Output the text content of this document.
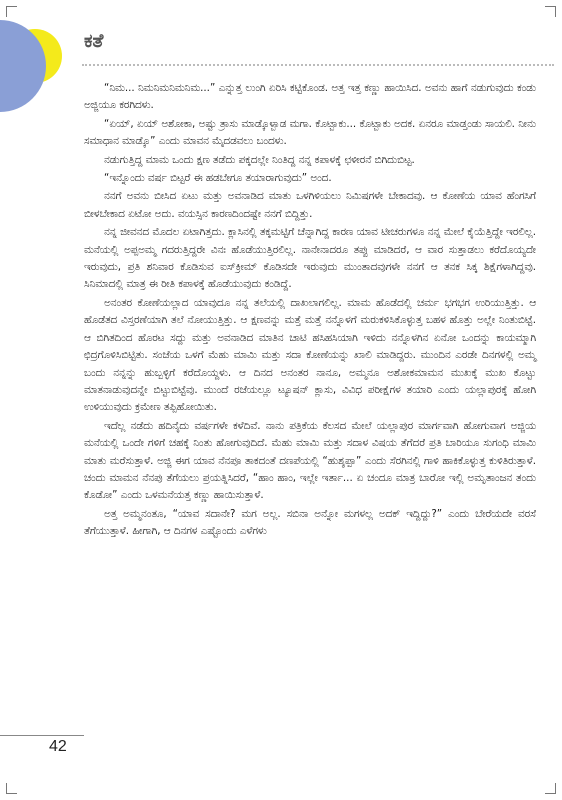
ಕತೆ

“ನಿಮ... ನಿಮನಿಮನಿಮನಿಮ...” ಎನ್ನುತ್ತ ಲುಂಗಿ ಏರಿಸಿ ಕಟ್ಟಿಕೊಂಡ. ಅತ್ತ ಇತ್ತ ಕಣ್ಣು ಹಾಯಿಸಿದ. ಅವನು ಹಾಗೆ ನಡುಗುವುದು ಕಂಡು ಅಜ್ಜಿಯೂ ಕರಗಿದಳು.

“ಏಯ್, ಏಯ್ ಅಶೋಕಾ, ಅಷ್ಟು ತ್ರಾಸು ಮಾಡ್ಕೊಳ್ಬಾಡ ಮಗಾ. ಕೊಟ್ಬಾಕು... ಕೊಟ್ಬಾಕು ಅದಕ. ಏನರೂ ಮಾಡ್ತಂಡು ಸಾಯಲಿ. ನೀನು ಸಮಾಧಾನ ಮಾಡ್ಕೊ” ಎಂದು ಮಾವನ ಮೈದಡವಲು ಬಂದಳು.

ನಡುಗುತ್ತಿದ್ದ ಮಾಮ ಒಂದು ಕ್ಷಣ ತಡೆದು ಪಕ್ಕದಲ್ಲೇ ನಿಂತಿದ್ದ ನನ್ನ ಕಪಾಳಕ್ಕೆ ಛಳೀರನೆ ಬಿಗಿದುಬಿಟ್ಟ.

“ಇನ್ನೊಂದು ವರ್ಷ ಬಿಟ್ಟರೆ ಈ ಹಡಬೇಗೂ ತಯಾರಾಗುವುದು” ಅಂದ.

ನನಗೆ ಅವನು ಬೀಸಿದ ಏಟು ಮತ್ತು ಅವನಾಡಿದ ಮಾತು ಒಳಗಿಳಿಯಲು ನಿಮಿಷಗಳೇ ಬೇಕಾದವು. ಆ ಕೋಣೆಯ ಯಾವ ಹೆಂಗಸಿಗೆ ಬೀಳಬೇಕಾದ ಏಟೋ ಅದು. ವಯಸ್ಸಿನ ಕಾರಣದಿಂದಷ್ಟೇ ನನಗೆ ಬಿದ್ದಿತ್ತು.

ನನ್ನ ಜೀವನದ ಮೊದಲ ಏಟಾಗಿತ್ತದು. ಕ್ಲಾಸಿನಲ್ಲಿ ತಕ್ಕಮಟ್ಟಿಗೆ ಚೆನ್ನಾಗಿದ್ದ ಕಾರಣ ಯಾವ ಟೀಚರುಗಳೂ ನನ್ನ ಮೇಲೆ ಕೈಯೆತ್ತಿದ್ದೇ ಇರಲಿಲ್ಲ. ಮನೆಯಲ್ಲಿ ಅಪ್ಪಅಮ್ಮ ಗದರುತ್ತಿದ್ದರೇ ವಿನಃ ಹೊಡೆಯುತ್ತಿರಲಿಲ್ಲ. ನಾನೇನಾದರೂ ತಪ್ಪು ಮಾಡಿದರೆ, ಆ ವಾರ ಸುತ್ತಾಡಲು ಕರೆದೊಯ್ಯದೇ ಇರುವುದು, ಪ್ರತಿ ಶನಿವಾರ ಕೊಡಿಸುವ ಐಸ್‌ಕ್ರೀಮ್ ಕೊಡಿಸದೇ ಇರುವುದು ಮುಂತಾದವುಗಳೇ ನನಗೆ ಆ ತನಕ ಸಿಕ್ಕ ಶಿಕ್ಷೆಗಳಾಗಿದ್ದವು. ಸಿನಿಮಾದಲ್ಲಿ ಮಾತ್ರ ಈ ರೀತಿ ಕಪಾಳಕ್ಕೆ ಹೊಡೆಯುವುದು ಕಂಡಿದ್ದೆ.

ಅನಂತರ ಕೋಣೆಯಲ್ಲಾದ ಯಾವುದೂ ನನ್ನ ತಲೆಯಲ್ಲಿ ದಾಖಲಾಗಲಿಲ್ಲ. ಮಾಮ ಹೊಡೆದಲ್ಲಿ ಚರ್ಮ ಭಗಭಗ ಉರಿಯುತ್ತಿತ್ತು. ಆ ಹೊಡೆತದ ವಿಸ್ತರಣೆಯಾಗಿ ತಲೆ ನೋಯುತ್ತಿತ್ತು. ಆ ಕ್ಷಣವನ್ನು ಮತ್ತೆ ಮತ್ತೆ ನನ್ನೊಳಗೆ ಮರುಕಳಿಸಿಕೊಳ್ಳುತ್ತ ಬಹಳ ಹೊತ್ತು ಅಲ್ಲೇ ನಿಂತುಬಿಟ್ಟೆ. ಆ ಬಿಗಿತದಿಂದ ಹೊರಟ ಸದ್ದು ಮತ್ತು ಅವನಾಡಿದ ಮಾತಿನ ಚಾಟಿ ಹಸಿಹಸಿಯಾಗಿ ಇಳಿದು ನನ್ನೊಳಗಿನ ಏನೋ ಒಂದನ್ನು ಕಾಯಮ್ಮಾಗಿ ಛಿದ್ರಗೊಳಿಸಿಬಿಟ್ಟಿತು. ಸಂಜೆಯ ಒಳಗೆ ಮೆಹು ಮಾಮಿ ಮತ್ತು ಸದಾ ಕೋಣೆಯನ್ನು ಖಾಲಿ ಮಾಡಿದ್ದರು. ಮುಂದಿನ ಎರಡೇ ದಿನಗಳಲ್ಲಿ ಅಮ್ಮ ಬಂದು ನನ್ನನ್ನು ಹುಬ್ಬಳ್ಳಿಗೆ ಕರೆದೊಯ್ದಳು. ಆ ದಿನದ ಅನಂತರ ನಾನೂ, ಅಮ್ಮನೂ ಅಶೋಕಮಾಮನ ಮುಖಕ್ಕೆ ಮುಖ ಕೊಟ್ಟು ಮಾತನಾಡುವುದನ್ನೇ ಬಿಟ್ಟುಬಿಟ್ಟೆವು. ಮುಂದೆ ರಜೆಯಲ್ಲೂ ಟ್ಯೂಷನ್ ಕ್ಲಾಸು, ವಿವಿಧ ಪರೀಕ್ಷೆಗಳ ತಯಾರಿ ಎಂದು ಯಲ್ಲಾಪುರಕ್ಕೆ ಹೋಗಿ ಉಳಿಯುವುದು ಕ್ರಮೇಣ ತಪ್ಪಿಹೋಯಿತು.

ಇದೆಲ್ಲ ನಡೆದು ಹದಿನೈದು ವರ್ಷಗಳೇ ಕಳೆದಿವೆ. ನಾನು ಪತ್ರಿಕೆಯ ಕೆಲಸದ ಮೇಲೆ ಯಲ್ಲಾಪುರ ಮಾರ್ಗವಾಗಿ ಹೋಗುವಾಗ ಅಜ್ಜಿಯ ಮನೆಯಲ್ಲಿ ಒಂದೇ ಗಳಿಗೆ ಚಹಕ್ಕೆ ನಿಂತು ಹೋಗುವುದಿದೆ. ಮೆಹು ಮಾಮಿ ಮತ್ತು ಸದಾಳ ವಿಷಯ ತೆಗೆದರೆ ಪ್ರತಿ ಬಾರಿಯೂ ಸುಗಂಧಿ ಮಾಮಿ ಮಾತು ಮರೆಸುತ್ತಾಳೆ. ಅಜ್ಜಿ ಈಗ ಯಾವ ನೆನಪೂ ತಾಕದಂತೆ ದಣಪೆಯಲ್ಲಿ “ಹುಶ್ಶಪ್ಪಾ” ಎಂದು ಸೆರಗಿನಲ್ಲಿ ಗಾಳಿ ಹಾಕಿಕೊಳ್ಳುತ್ತ ಕುಳಿತಿರುತ್ತಾಳೆ. ಚಂದು ಮಾಮನ ನೆನಪು ತೆಗೆಯಲು ಪ್ರಯತ್ನಿಸಿದರೆ, “ಹಾಂ ಹಾಂ, ಇಲ್ಲೇ ಇರ್ತಾ... ಏ ಚಂದೂ ಮಾತ್ರ ಬಾರೋ ಇಲ್ಲಿ ಅಮೃತಾಂಜನ ತಂದು ಕೊಡೋ” ಎಂದು ಒಳಮನೆಯತ್ತ ಕಣ್ಣು ಹಾಯಿಸುತ್ತಾಳೆ.

ಅತ್ತ ಅಮ್ಮನಂತೂ, “ಯಾವ ಸದಾನೇ? ಮಗ ಅಲ್ಲ. ಸಬಿನಾ ಅನ್ನೋ ಮಗಳಲ್ಲ ಅದಕ್ ಇದ್ದಿದ್ದು?” ಎಂದು ಬೇರೆಯದೇ ವರಸೆ ತೆಗೆಯುತ್ತಾಳೆ. ಹೀಗಾಗಿ, ಆ ದಿನಗಳ ಎಷ್ಟೊಂದು ಎಳೆಗಳು

42
